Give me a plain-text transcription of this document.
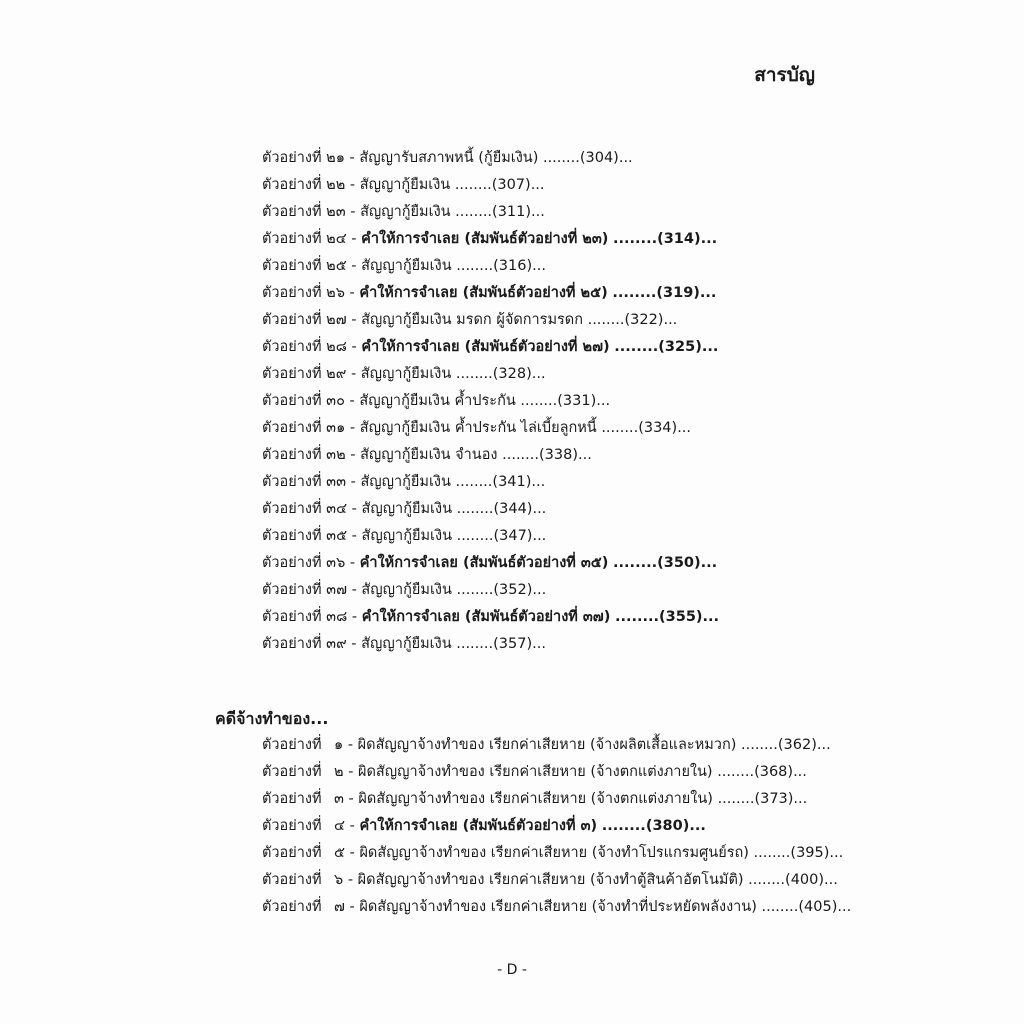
สารบัญ
ตัวอย่างที่ ๒๑ - สัญญารับสภาพหนี้ (กู้ยืมเงิน) ........(304)...
ตัวอย่างที่ ๒๒ - สัญญากู้ยืมเงิน ........(307)...
ตัวอย่างที่ ๒๓ - สัญญากู้ยืมเงิน ........(311)...
ตัวอย่างที่ ๒๔ - คำให้การจำเลย (สัมพันธ์ตัวอย่างที่ ๒๓) ........(314)...
ตัวอย่างที่ ๒๕ - สัญญากู้ยืมเงิน ........(316)...
ตัวอย่างที่ ๒๖ - คำให้การจำเลย (สัมพันธ์ตัวอย่างที่ ๒๕) ........(319)...
ตัวอย่างที่ ๒๗ - สัญญากู้ยืมเงิน มรดก ผู้จัดการมรดก ........(322)...
ตัวอย่างที่ ๒๘ - คำให้การจำเลย (สัมพันธ์ตัวอย่างที่ ๒๗) ........(325)...
ตัวอย่างที่ ๒๙ - สัญญากู้ยืมเงิน ........(328)...
ตัวอย่างที่ ๓๐ - สัญญากู้ยืมเงิน ค้ำประกัน ........(331)...
ตัวอย่างที่ ๓๑ - สัญญากู้ยืมเงิน ค้ำประกัน ไล่เบี้ยลูกหนี้ ........(334)...
ตัวอย่างที่ ๓๒ - สัญญากู้ยืมเงิน จำนอง ........(338)...
ตัวอย่างที่ ๓๓ - สัญญากู้ยืมเงิน ........(341)...
ตัวอย่างที่ ๓๔ - สัญญากู้ยืมเงิน ........(344)...
ตัวอย่างที่ ๓๕ - สัญญากู้ยืมเงิน ........(347)...
ตัวอย่างที่ ๓๖ - คำให้การจำเลย (สัมพันธ์ตัวอย่างที่ ๓๕) ........(350)...
ตัวอย่างที่ ๓๗ - สัญญากู้ยืมเงิน ........(352)...
ตัวอย่างที่ ๓๘ - คำให้การจำเลย (สัมพันธ์ตัวอย่างที่ ๓๗) ........(355)...
ตัวอย่างที่ ๓๙ - สัญญากู้ยืมเงิน ........(357)...
คดีจ้างทำของ...
ตัวอย่างที่ ๑ - ผิดสัญญาจ้างทำของ เรียกค่าเสียหาย (จ้างผลิตเสื้อและหมวก) ........(362)...
ตัวอย่างที่ ๒ - ผิดสัญญาจ้างทำของ เรียกค่าเสียหาย (จ้างตกแต่งภายใน) ........(368)...
ตัวอย่างที่ ๓ - ผิดสัญญาจ้างทำของ เรียกค่าเสียหาย (จ้างตกแต่งภายใน) ........(373)...
ตัวอย่างที่ ๔ - คำให้การจำเลย (สัมพันธ์ตัวอย่างที่ ๓) ........(380)...
ตัวอย่างที่ ๕ - ผิดสัญญาจ้างทำของ เรียกค่าเสียหาย (จ้างทำโปรแกรมศูนย์รถ) ........(395)...
ตัวอย่างที่ ๖ - ผิดสัญญาจ้างทำของ เรียกค่าเสียหาย (จ้างทำตู้สินค้าอัตโนมัติ) ........(400)...
ตัวอย่างที่ ๗ - ผิดสัญญาจ้างทำของ เรียกค่าเสียหาย (จ้างทำที่ประหยัดพลังงาน) ........(405)...
- D -
